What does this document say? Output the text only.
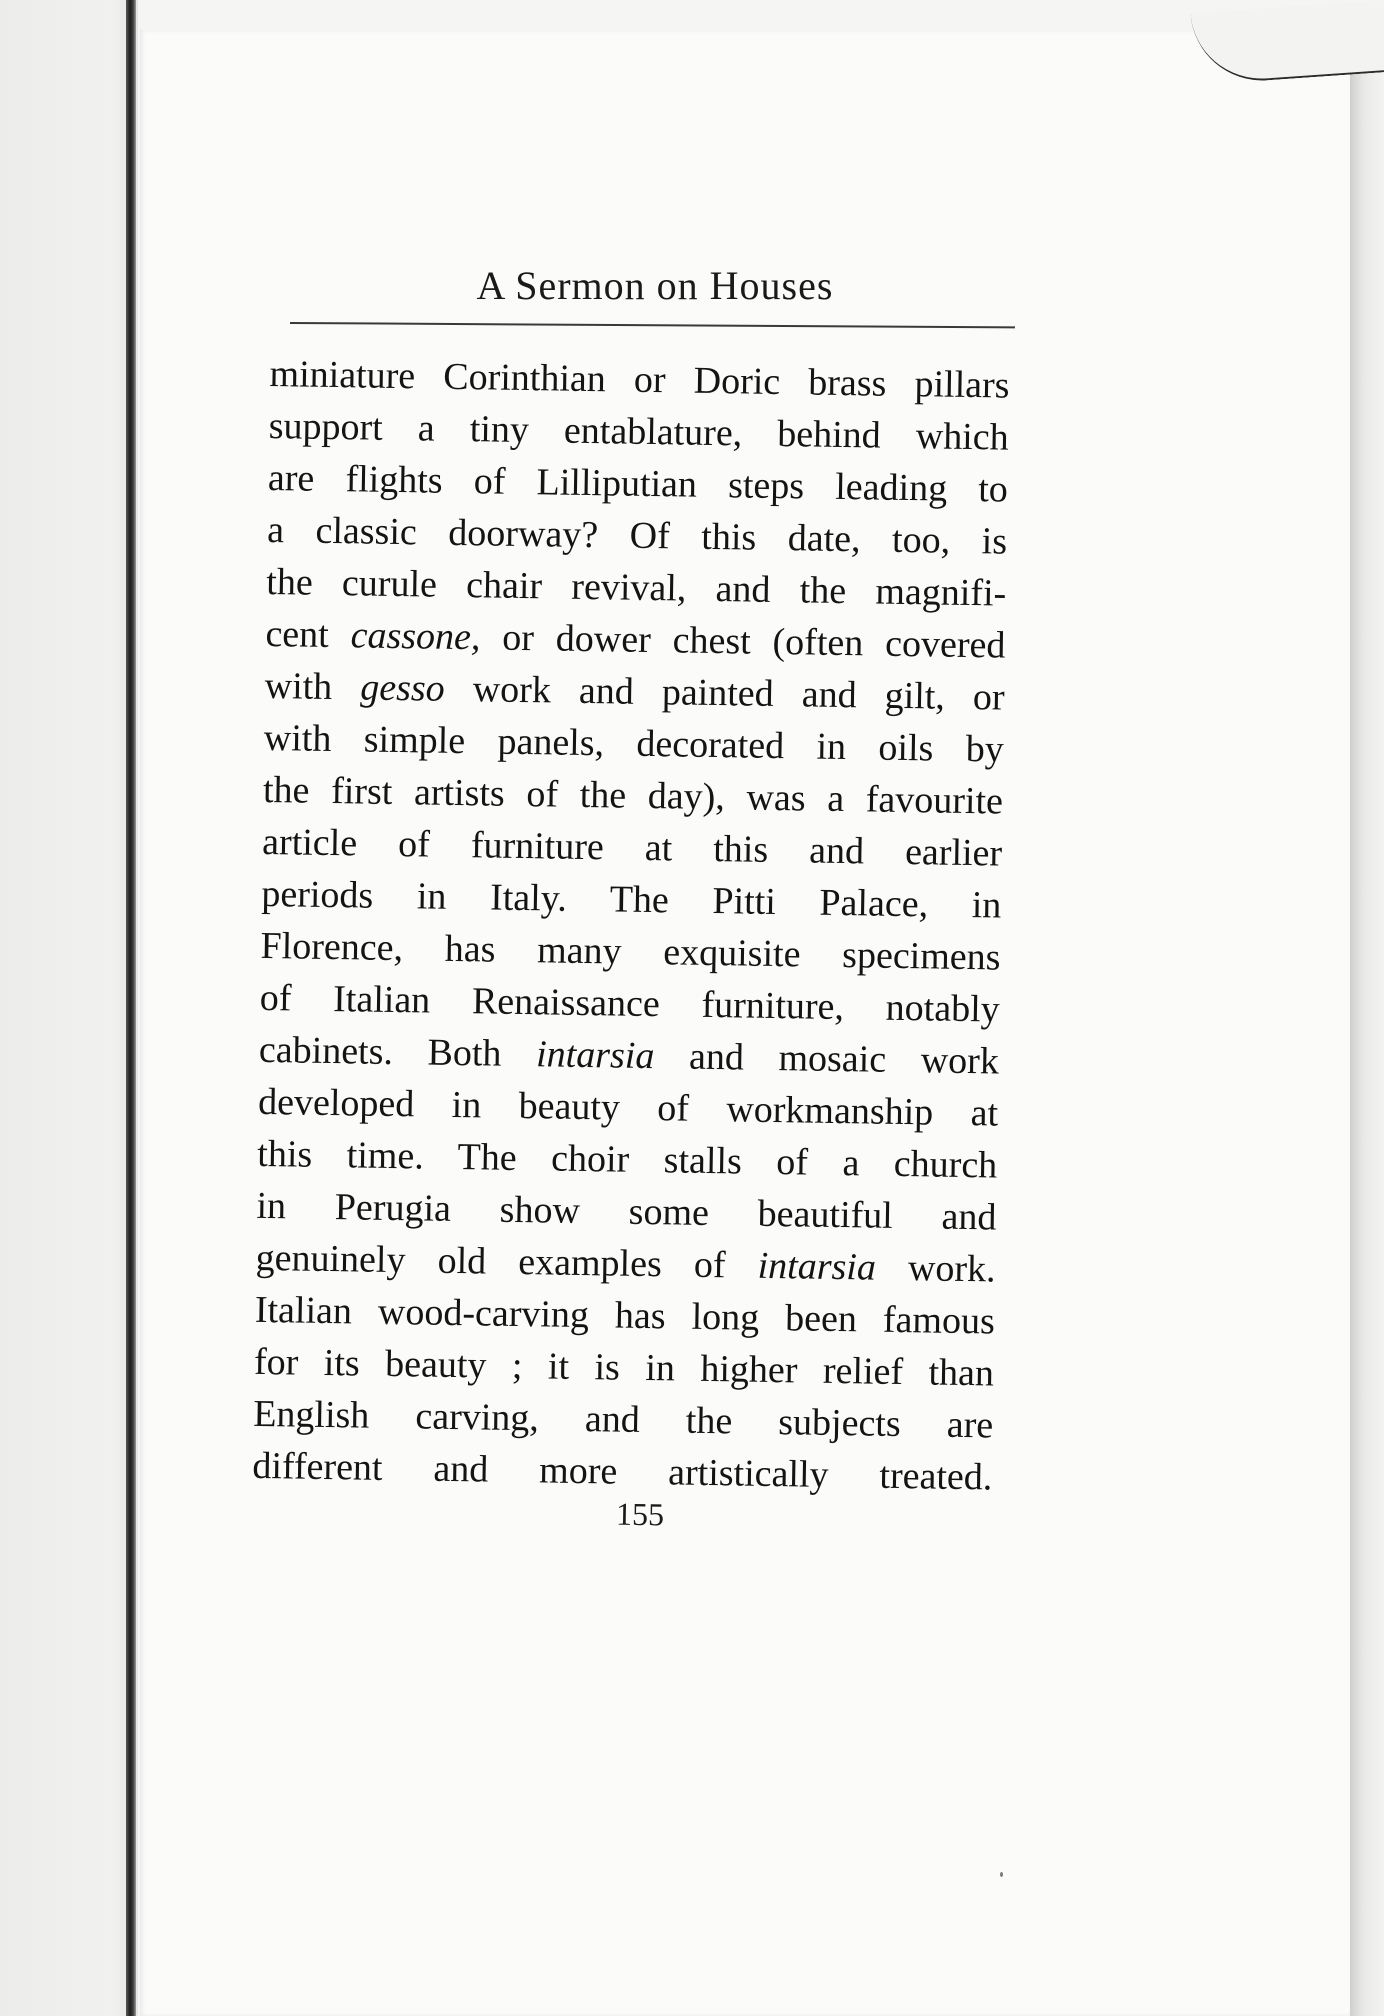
A Sermon on Houses
miniature Corinthian or Doric brass pillars
support a tiny entablature, behind which
are flights of Lilliputian steps leading to
a classic doorway? Of this date, too, is
the curule chair revival, and the magnifi-
cent cassone, or dower chest (often covered
with gesso work and painted and gilt, or
with simple panels, decorated in oils by
the first artists of the day), was a favourite
article of furniture at this and earlier
periods in Italy. The Pitti Palace, in
Florence, has many exquisite specimens
of Italian Renaissance furniture, notably
cabinets. Both intarsia and mosaic work
developed in beauty of workmanship at
this time. The choir stalls of a church
in Perugia show some beautiful and
genuinely old examples of intarsia work.
Italian wood-carving has long been famous
for its beauty ; it is in higher relief than
English carving, and the subjects are
different and more artistically treated.
155
